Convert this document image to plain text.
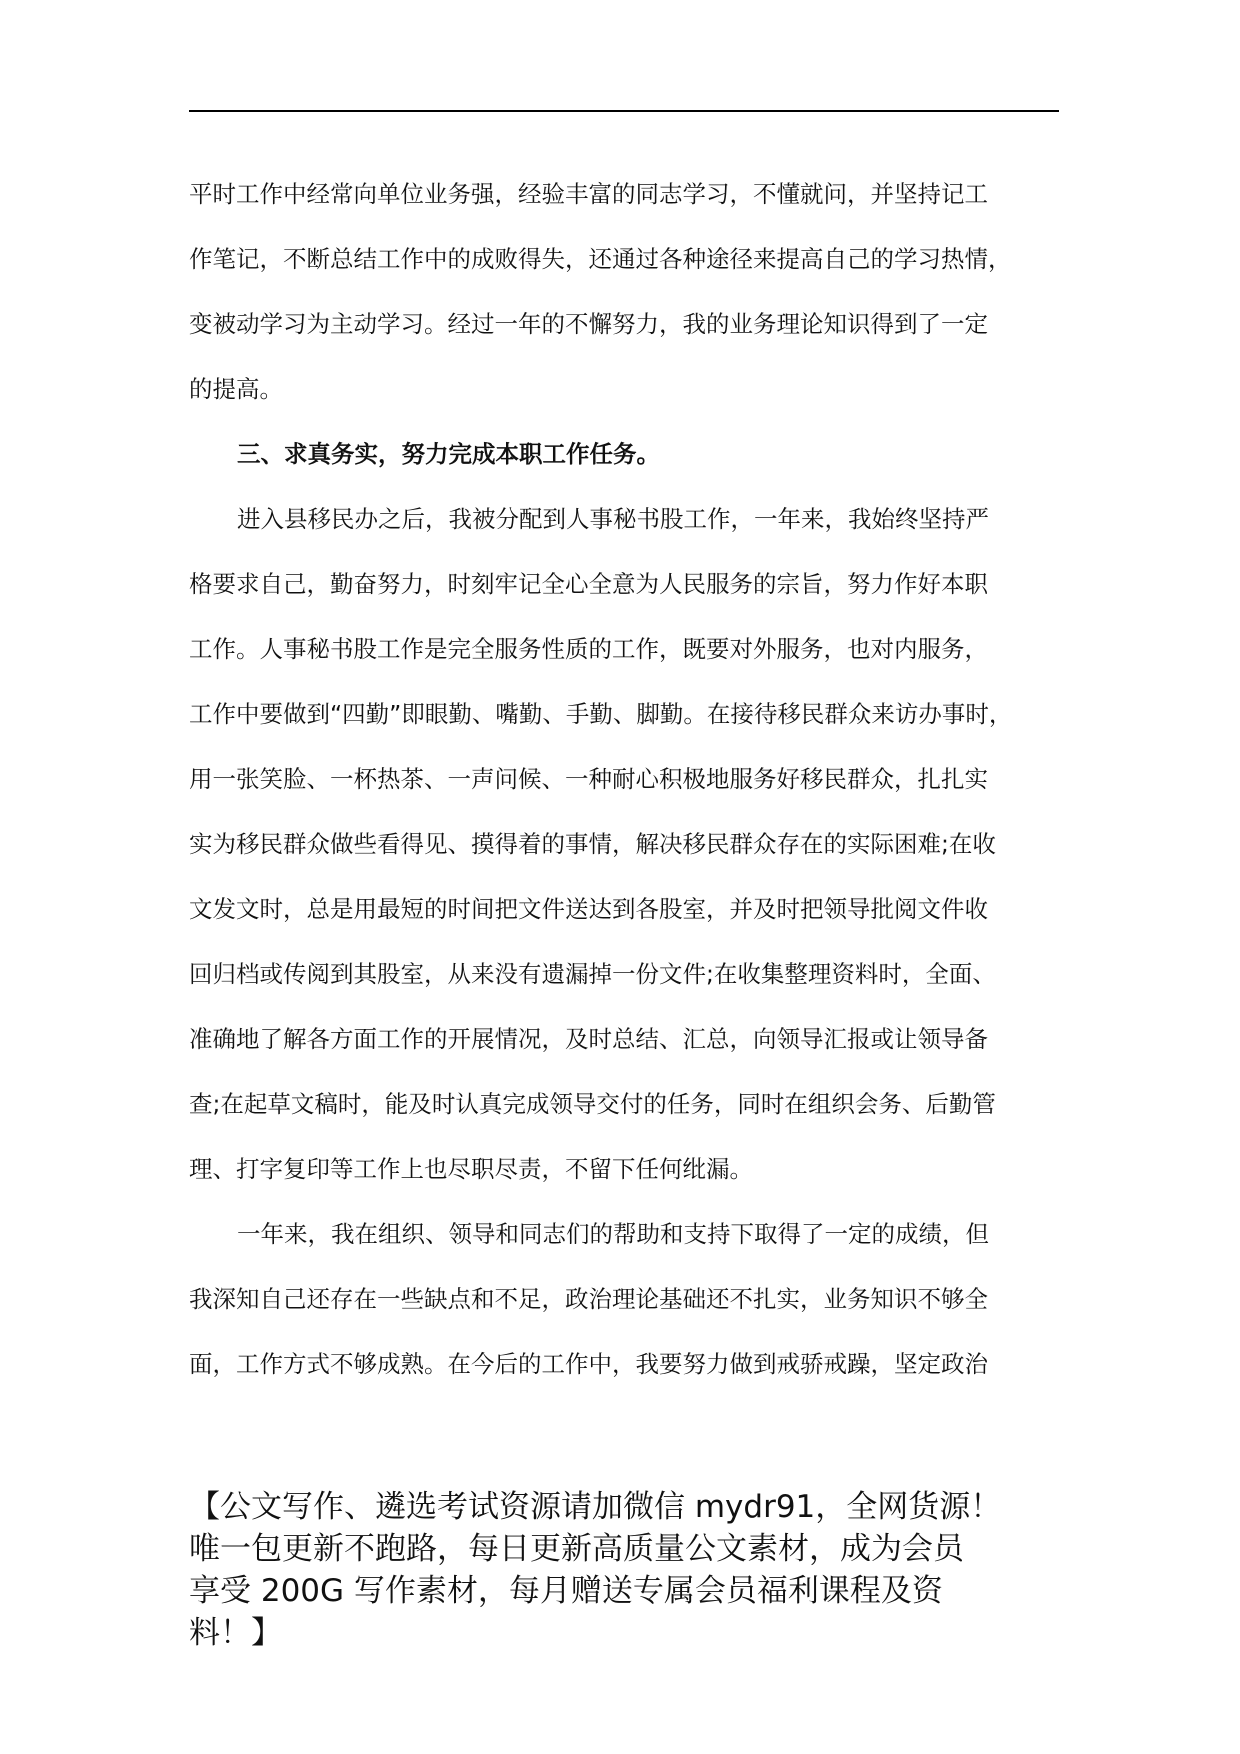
平时工作中经常向单位业务强，经验丰富的同志学习，不懂就问，并坚持记工

作笔记，不断总结工作中的成败得失，还通过各种途径来提高自己的学习热情，

变被动学习为主动学习。经过一年的不懈努力，我的业务理论知识得到了一定

的提高。

三、求真务实，努力完成本职工作任务。

进入县移民办之后，我被分配到人事秘书股工作，一年来，我始终坚持严

格要求自己，勤奋努力，时刻牢记全心全意为人民服务的宗旨，努力作好本职

工作。人事秘书股工作是完全服务性质的工作，既要对外服务，也对内服务，

工作中要做到“四勤”即眼勤、嘴勤、手勤、脚勤。在接待移民群众来访办事时，

用一张笑脸、一杯热茶、一声问候、一种耐心积极地服务好移民群众，扎扎实

实为移民群众做些看得见、摸得着的事情，解决移民群众存在的实际困难;在收

文发文时，总是用最短的时间把文件送达到各股室，并及时把领导批阅文件收

回归档或传阅到其股室，从来没有遗漏掉一份文件;在收集整理资料时，全面、

准确地了解各方面工作的开展情况，及时总结、汇总，向领导汇报或让领导备

查;在起草文稿时，能及时认真完成领导交付的任务，同时在组织会务、后勤管

理、打字复印等工作上也尽职尽责，不留下任何纰漏。

一年来，我在组织、领导和同志们的帮助和支持下取得了一定的成绩，但

我深知自己还存在一些缺点和不足，政治理论基础还不扎实，业务知识不够全

面，工作方式不够成熟。在今后的工作中，我要努力做到戒骄戒躁，坚定政治

【公文写作、遴选考试资源请加微信 mydr91，全网货源！
唯一包更新不跑路，每日更新高质量公文素材，成为会员
享受 200G 写作素材，每月赠送专属会员福利课程及资
料！】
